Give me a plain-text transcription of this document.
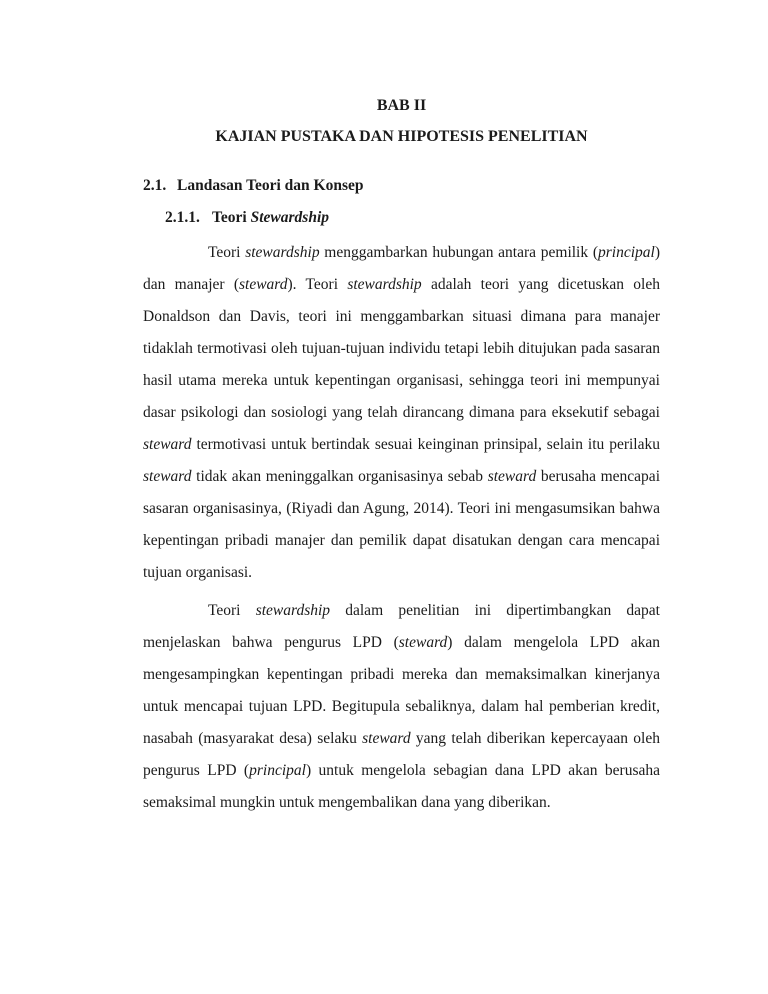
BAB II
KAJIAN PUSTAKA DAN HIPOTESIS PENELITIAN
2.1. Landasan Teori dan Konsep
2.1.1. Teori Stewardship

Teori stewardship menggambarkan hubungan antara pemilik (principal) dan manajer (steward). Teori stewardship adalah teori yang dicetuskan oleh Donaldson dan Davis, teori ini menggambarkan situasi dimana para manajer tidaklah termotivasi oleh tujuan-tujuan individu tetapi lebih ditujukan pada sasaran hasil utama mereka untuk kepentingan organisasi, sehingga teori ini mempunyai dasar psikologi dan sosiologi yang telah dirancang dimana para eksekutif sebagai steward termotivasi untuk bertindak sesuai keinginan prinsipal, selain itu perilaku steward tidak akan meninggalkan organisasinya sebab steward berusaha mencapai sasaran organisasinya, (Riyadi dan Agung, 2014). Teori ini mengasumsikan bahwa kepentingan pribadi manajer dan pemilik dapat disatukan dengan cara mencapai tujuan organisasi.

Teori stewardship dalam penelitian ini dipertimbangkan dapat menjelaskan bahwa pengurus LPD (steward) dalam mengelola LPD akan mengesampingkan kepentingan pribadi mereka dan memaksimalkan kinerjanya untuk mencapai tujuan LPD. Begitupula sebaliknya, dalam hal pemberian kredit, nasabah (masyarakat desa) selaku steward yang telah diberikan kepercayaan oleh pengurus LPD (principal) untuk mengelola sebagian dana LPD akan berusaha semaksimal mungkin untuk mengembalikan dana yang diberikan.
